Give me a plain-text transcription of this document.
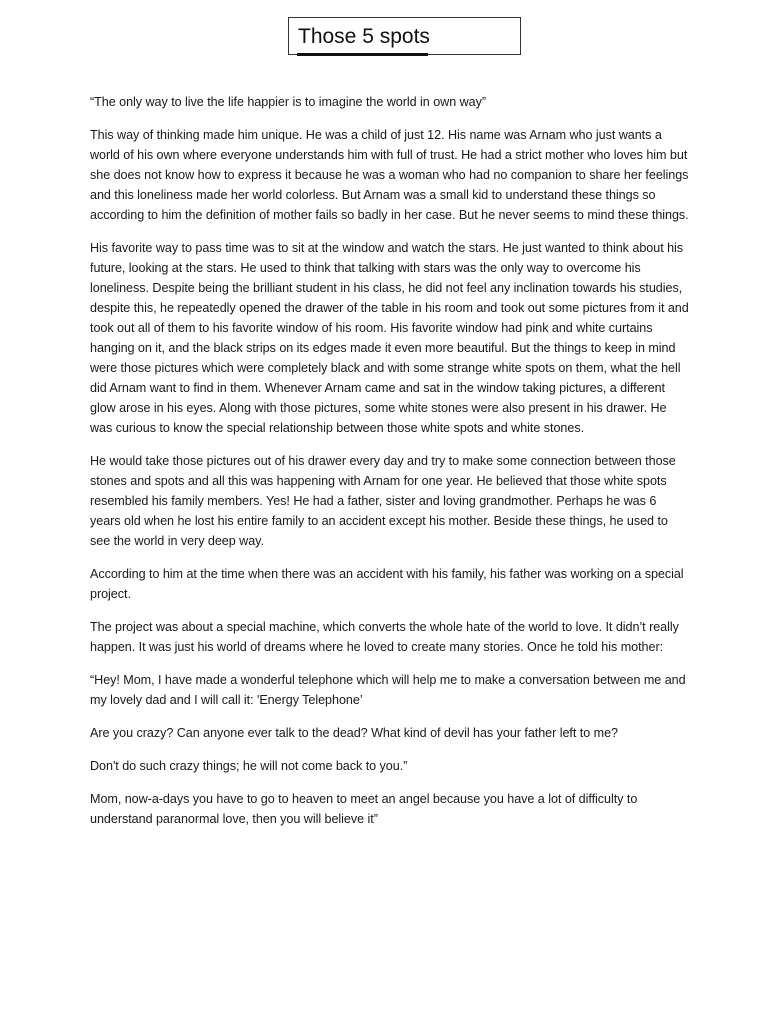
Those 5 spots

“The only way to live the life happier is to imagine the world in own way”

This way of thinking made him unique. He was a child of just 12. His name was Arnam who just wants a world of his own where everyone understands him with full of trust. He had a strict mother who loves him but she does not know how to express it because he was a woman who had no companion to share her feelings and this loneliness made her world colorless. But Arnam was a small kid to understand these things so according to him the definition of mother fails so badly in her case. But he never seems to mind these things.

His favorite way to pass time was to sit at the window and watch the stars. He just wanted to think about his future, looking at the stars. He used to think that talking with stars was the only way to overcome his loneliness. Despite being the brilliant student in his class, he did not feel any inclination towards his studies, despite this, he repeatedly opened the drawer of the table in his room and took out some pictures from it and took out all of them to his favorite window of his room. His favorite window had pink and white curtains hanging on it, and the black strips on its edges made it even more beautiful. But the things to keep in mind were those pictures which were completely black and with some strange white spots on them, what the hell did Arnam want to find in them. Whenever Arnam came and sat in the window taking pictures, a different glow arose in his eyes. Along with those pictures, some white stones were also present in his drawer. He was curious to know the special relationship between those white spots and white stones.

He would take those pictures out of his drawer every day and try to make some connection between those stones and spots and all this was happening with Arnam for one year. He believed that those white spots resembled his family members. Yes! He had a father, sister and loving grandmother. Perhaps he was 6 years old when he lost his entire family to an accident except his mother. Beside these things, he used to see the world in very deep way.

According to him at the time when there was an accident with his family, his father was working on a special project.

The project was about a special machine, which converts the whole hate of the world to love. It didn’t really happen. It was just his world of dreams where he loved to create many stories. Once he told his mother:

“Hey! Mom, I have made a wonderful telephone which will help me to make a conversation between me and my lovely dad and I will call it: 'Energy Telephone’

Are you crazy? Can anyone ever talk to the dead? What kind of devil has your father left to me?

Don't do such crazy things; he will not come back to you.”

Mom, now-a-days you have to go to heaven to meet an angel because you have a lot of difficulty to understand paranormal love, then you will believe it”
